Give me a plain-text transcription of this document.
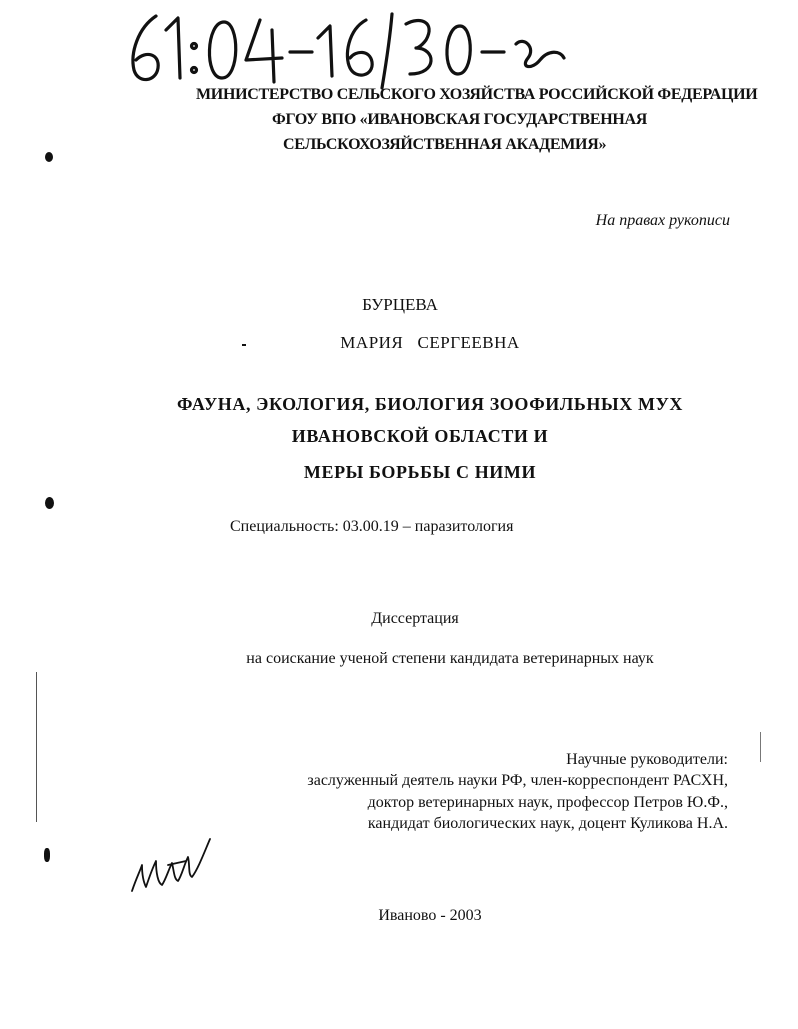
МИНИСТЕРСТВО СЕЛЬСКОГО ХОЗЯЙСТВА РОССИЙСКОЙ ФЕДЕРАЦИИ
ФГОУ ВПО «ИВАНОВСКАЯ ГОСУДАРСТВЕННАЯ
СЕЛЬСКОХОЗЯЙСТВЕННАЯ АКАДЕМИЯ»
На правах рукописи
БУРЦЕВА
МАРИЯ   СЕРГЕЕВНА
ФАУНА, ЭКОЛОГИЯ, БИОЛОГИЯ ЗООФИЛЬНЫХ МУХ
ИВАНОВСКОЙ ОБЛАСТИ И
МЕРЫ БОРЬБЫ С НИМИ
Специальность: 03.00.19 – паразитология
Диссертация
на соискание ученой степени кандидата ветеринарных наук
Научные руководители:
заслуженный деятель науки РФ, член-корреспондент РАСХН,
доктор ветеринарных наук, профессор Петров Ю.Ф.,
кандидат биологических наук, доцент Куликова Н.А.
Иваново - 2003
